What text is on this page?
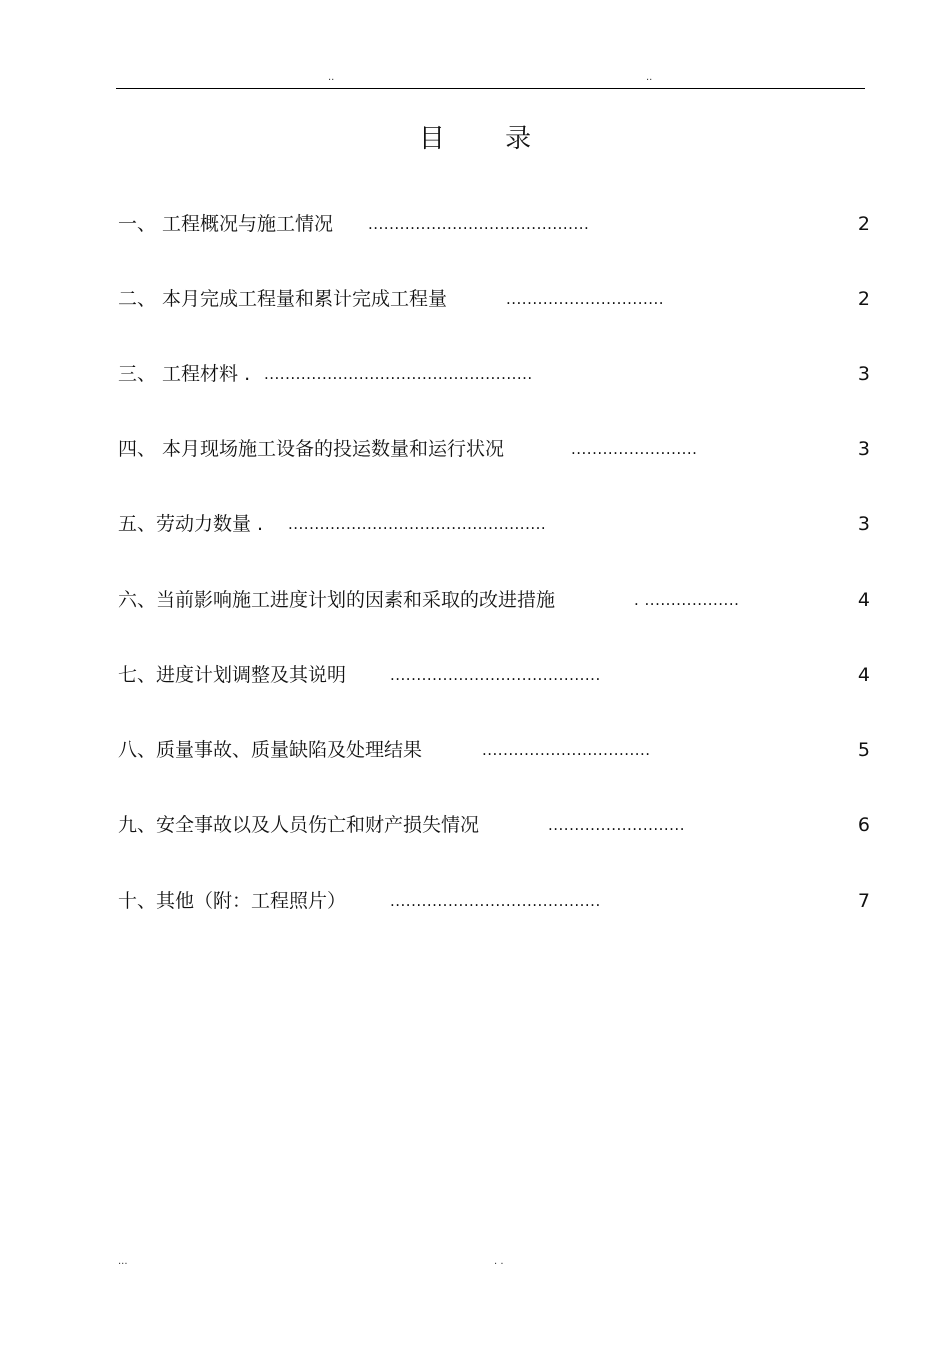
..	..
目 录
一、 工程概况与施工情况 ..........................................	2
二、 本月完成工程量和累计完成工程量	..............................	2
三、 工程材料 . ...................................................	3
四、 本月现场施工设备的投运数量和运行状况	........................	3
五、劳动力数量 . .................................................	3
六、当前影响施工进度计划的因素和采取的改进措施	. ..................	4
七、进度计划调整及其说明	........................................	4
八、质量事故、质量缺陷及处理结果	................................	5
九、安全事故以及人员伤亡和财产损失情况	..........................	6
十、其他（附：工程照片）	........................................	7
...	. .
